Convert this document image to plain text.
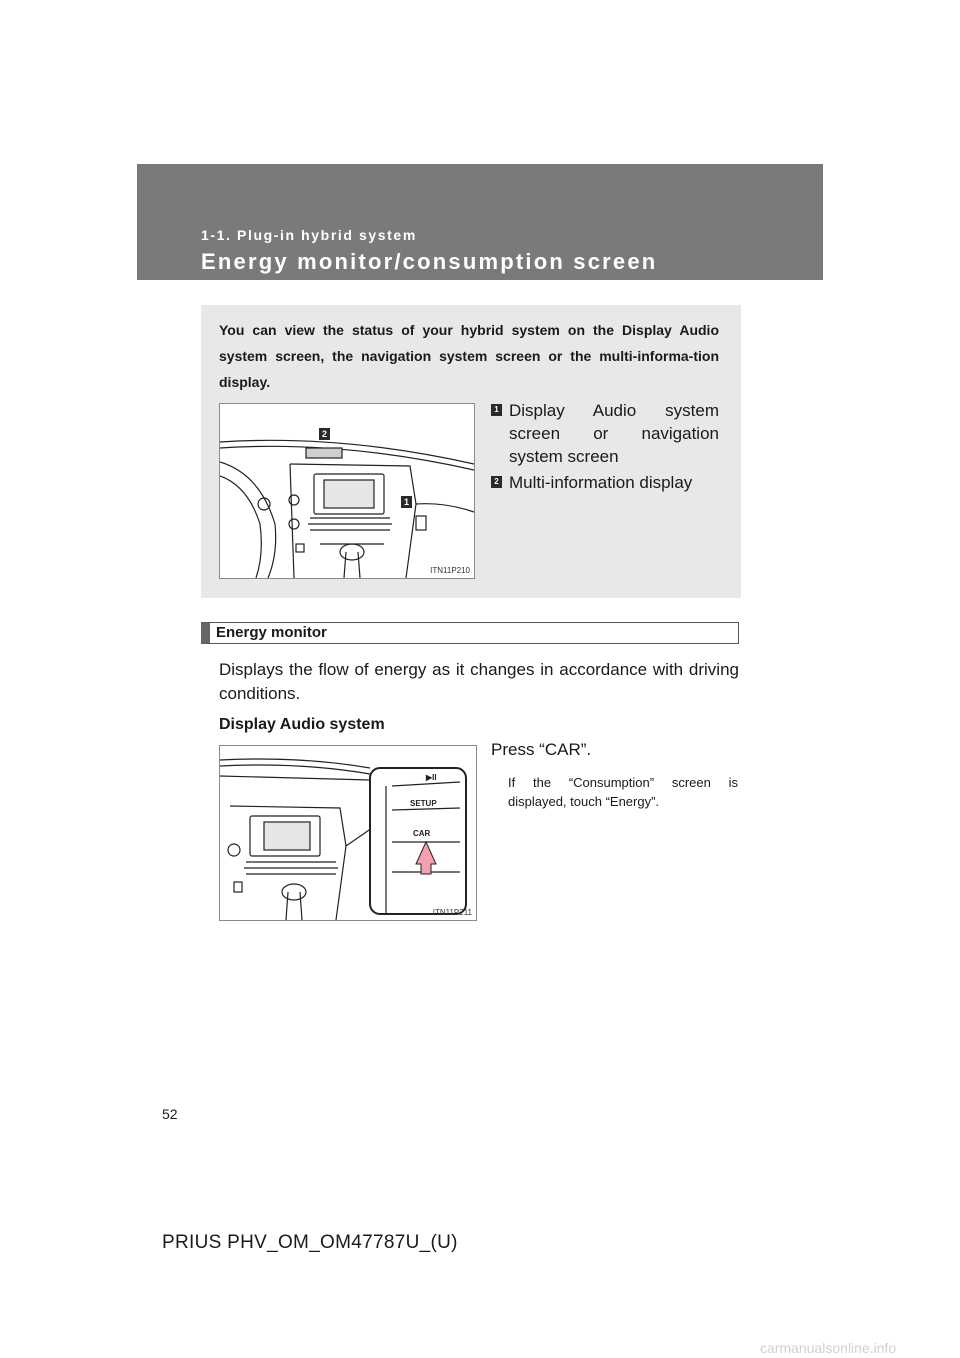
1-1. Plug-in hybrid system
Energy monitor/consumption screen
You can view the status of your hybrid system on the Display Audio system screen, the navigation system screen or the multi-informa-tion display.
2
1
ITN11P210
1 Display Audio system screen or navigation system screen
2 Multi-information display
Energy monitor
Displays the flow of energy as it changes in accordance with driving conditions.
Display Audio system
▶II
SETUP
CAR
ITN11P211
Press “CAR”.
If the “Consumption” screen is displayed, touch “Energy”.
52
PRIUS PHV_OM_OM47787U_(U)
carmanualsonline.info
